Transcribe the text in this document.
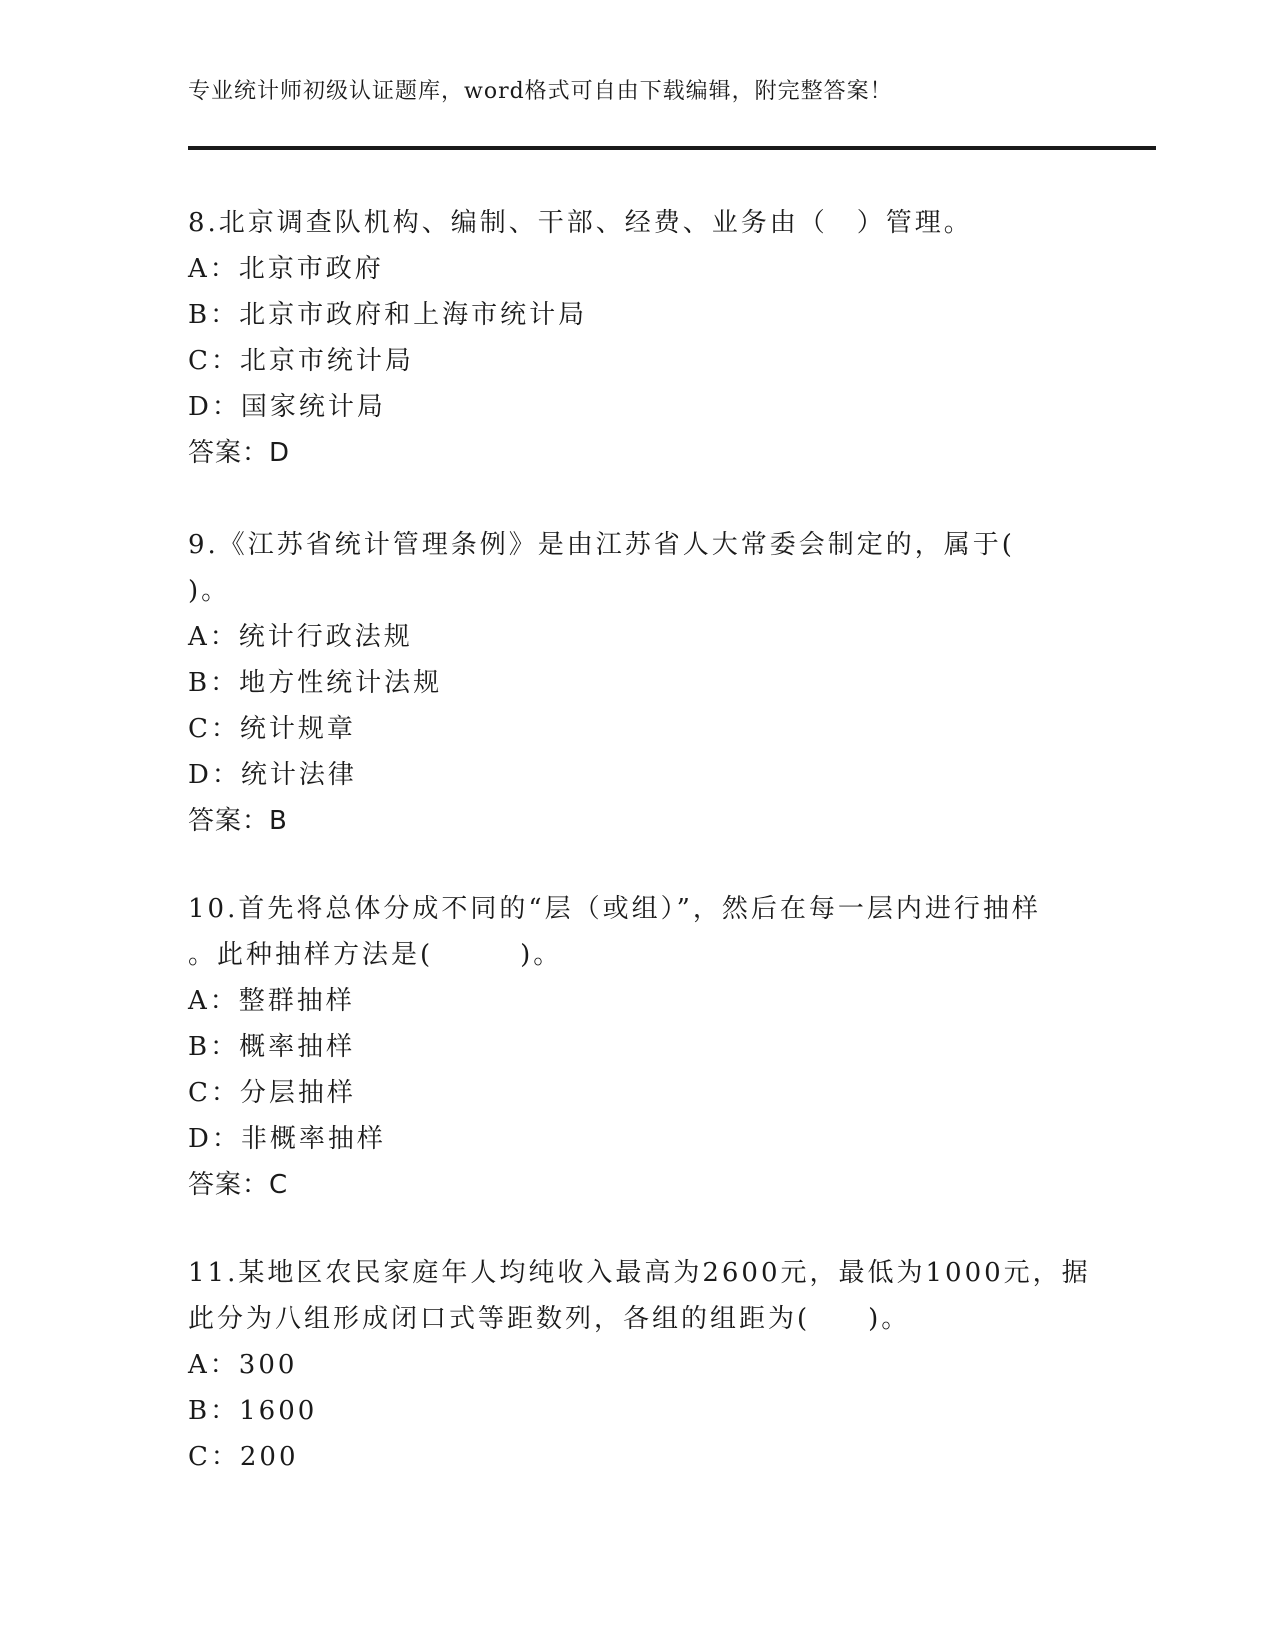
专业统计师初级认证题库，word格式可自由下载编辑，附完整答案！
8.北京调查队机构、编制、干部、经费、业务由（　）管理。
A：北京市政府
B：北京市政府和上海市统计局
C：北京市统计局
D：国家统计局
答案：D
9.《江苏省统计管理条例》是由江苏省人大常委会制定的，属于(
)。
A：统计行政法规
B：地方性统计法规
C：统计规章
D：统计法律
答案：B
10.首先将总体分成不同的“层（或组）”，然后在每一层内进行抽样
。此种抽样方法是(　　　)。
A：整群抽样
B：概率抽样
C：分层抽样
D：非概率抽样
答案：C
11.某地区农民家庭年人均纯收入最高为2600元，最低为1000元，据
此分为八组形成闭口式等距数列，各组的组距为(　　)。
A：300
B：1600
C：200
